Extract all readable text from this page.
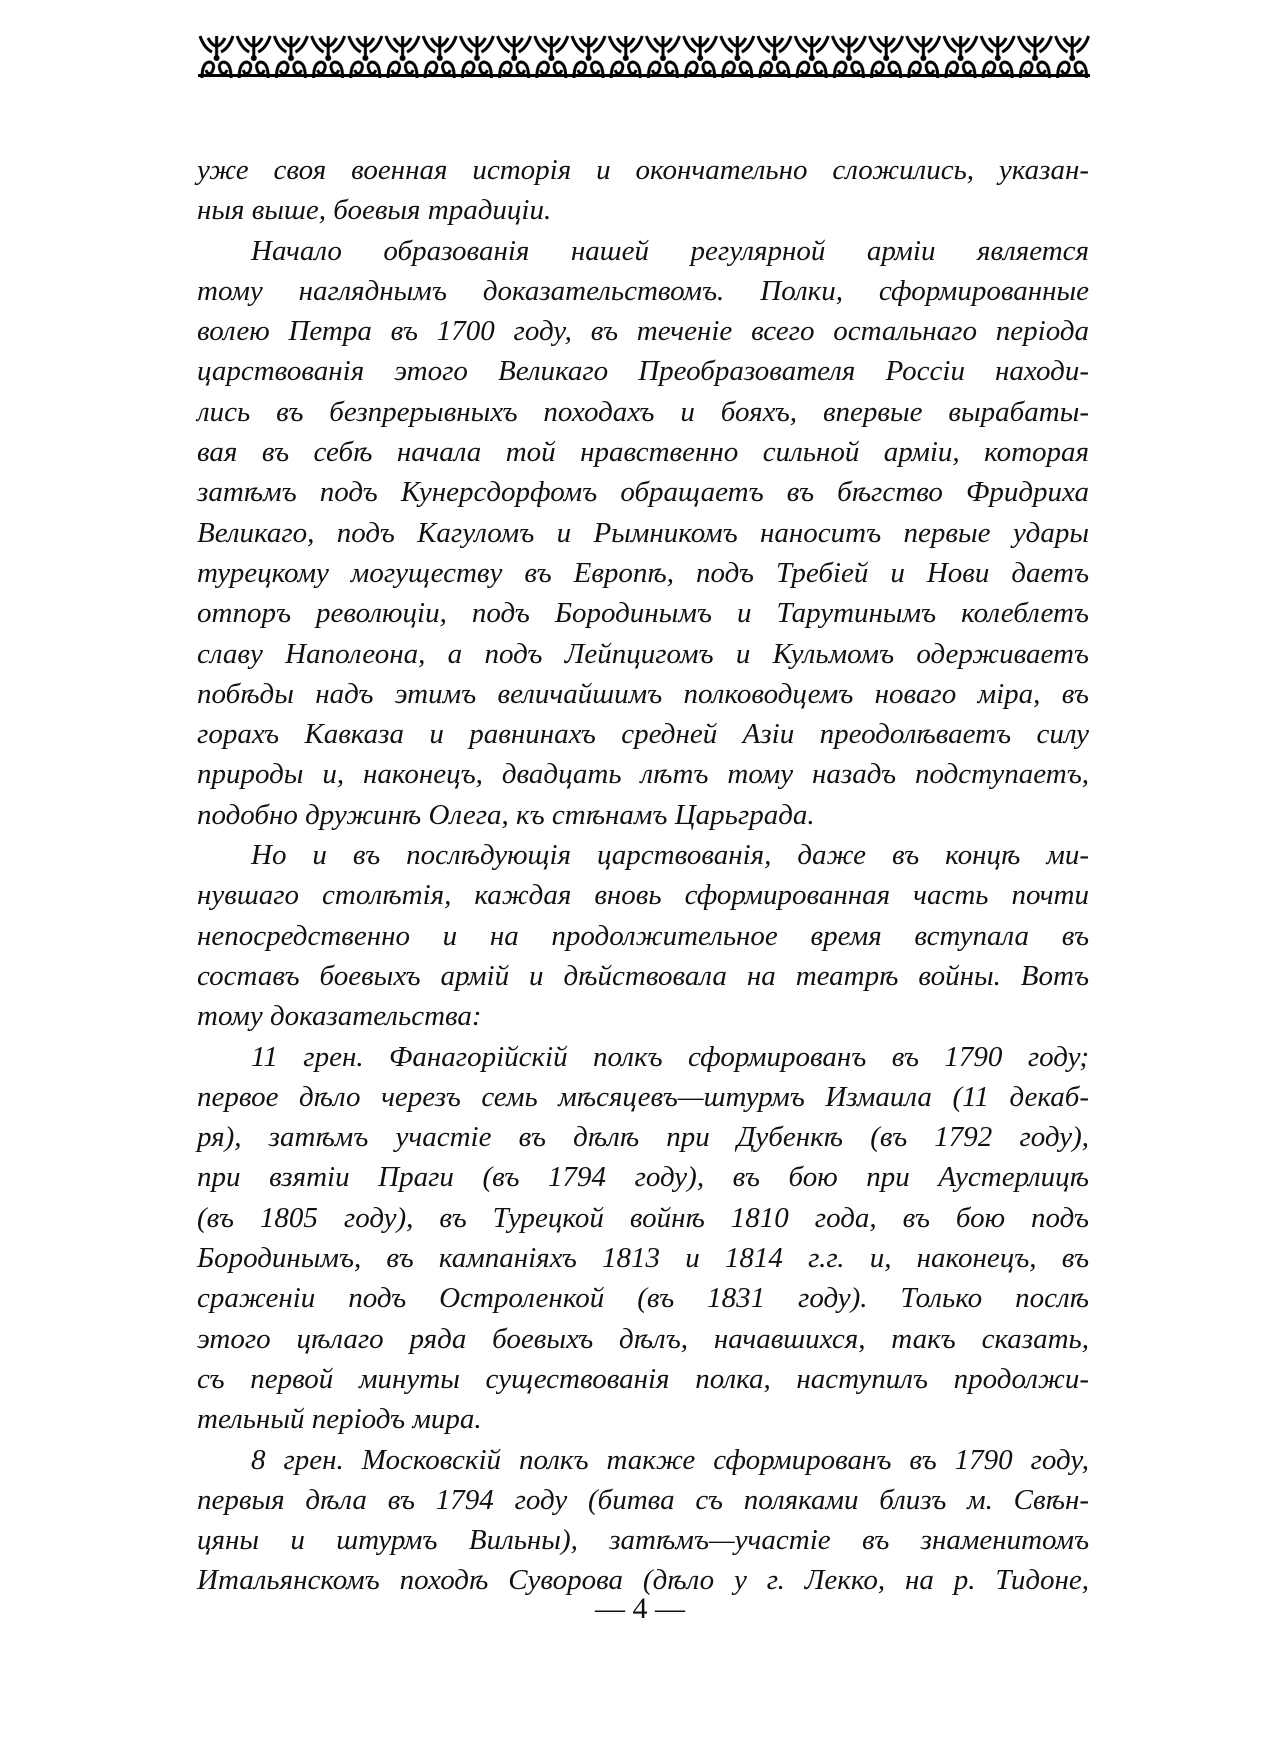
уже своя военная исторія и окончательно сложились, указан-
ныя выше, боевыя традиціи.
Начало образованія нашей регулярной арміи является
тому нагляднымъ доказательствомъ. Полки, сформированные
волею Петра въ 1700 году, въ теченіе всего остальнаго періода
царствованія этого Великаго Преобразователя Россіи находи-
лись въ безпрерывныхъ походахъ и бояхъ, впервые вырабаты-
вая въ себѣ начала той нравственно сильной арміи, которая
затѣмъ подъ Кунерсдорфомъ обращаетъ въ бѣгство Фридриха
Великаго, подъ Кагуломъ и Рымникомъ наноситъ первые удары
турецкому могуществу въ Европѣ, подъ Требіей и Нови даетъ
отпоръ революціи, подъ Бородинымъ и Тарутинымъ колеблетъ
славу Наполеона, а подъ Лейпцигомъ и Кульмомъ одерживаетъ
побѣды надъ этимъ величайшимъ полководцемъ новаго міра, въ
горахъ Кавказа и равнинахъ средней Азіи преодолѣваетъ силу
природы и, наконецъ, двадцать лѣтъ тому назадъ подступаетъ,
подобно дружинѣ Олега, къ стѣнамъ Царьграда.
Но и въ послѣдующія царствованія, даже въ концѣ ми-
нувшаго столѣтія, каждая вновь сформированная часть почти
непосредственно и на продолжительное время вступала въ
составъ боевыхъ армій и дѣйствовала на театрѣ войны. Вотъ
тому доказательства:
11 грен. Фанагорійскій полкъ сформированъ въ 1790 году;
первое дѣло черезъ семь мѣсяцевъ—штурмъ Измаила (11 декаб-
ря), затѣмъ участіе въ дѣлѣ при Дубенкѣ (въ 1792 году),
при взятіи Праги (въ 1794 году), въ бою при Аустерлицѣ
(въ 1805 году), въ Турецкой войнѣ 1810 года, въ бою подъ
Бородинымъ, въ кампаніяхъ 1813 и 1814 г.г. и, наконецъ, въ
сраженіи подъ Остроленкой (въ 1831 году). Только послѣ
этого цѣлаго ряда боевыхъ дѣлъ, начавшихся, такъ сказать,
съ первой минуты существованія полка, наступилъ продолжи-
тельный періодъ мира.
8 грен. Московскій полкъ также сформированъ въ 1790 году,
первыя дѣла въ 1794 году (битва съ поляками близъ м. Свѣн-
цяны и штурмъ Вильны), затѣмъ—участіе въ знаменитомъ
Итальянскомъ походѣ Суворова (дѣло у г. Лекко, на р. Тидоне,
— 4 —
